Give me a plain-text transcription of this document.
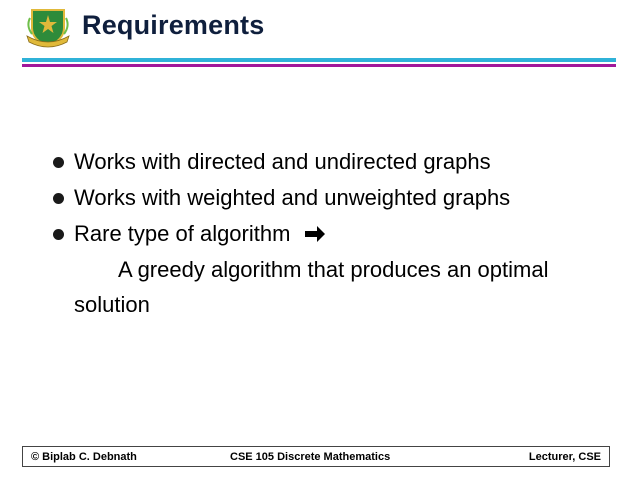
Requirements
Works with directed and undirected graphs
Works with weighted and unweighted graphs
Rare type of algorithm
A greedy algorithm that produces an optimal
solution
© Biplab C. Debnath	CSE 105 Discrete Mathematics	Lecturer, CSE
